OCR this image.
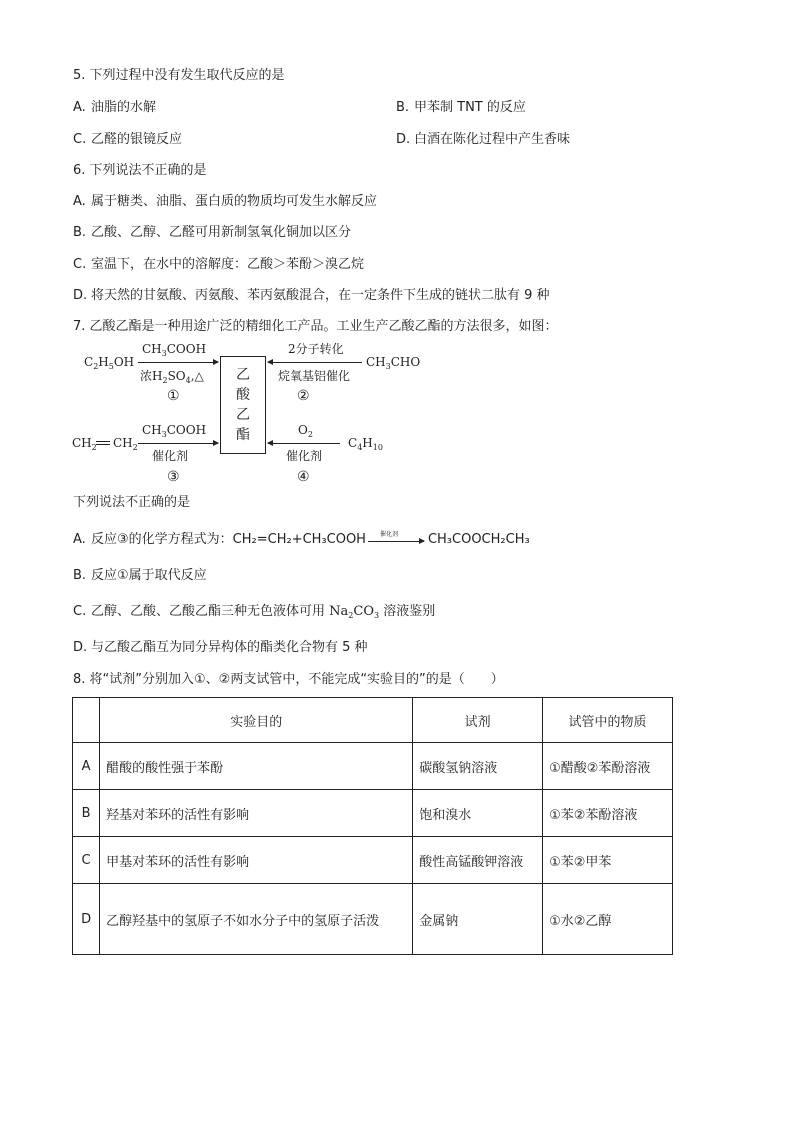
5. 下列过程中没有发生取代反应的是
A. 油脂的水解	B. 甲苯制 TNT 的反应
C. 乙醛的银镜反应	D. 白酒在陈化过程中产生香味
6. 下列说法不正确的是
A. 属于糖类、油脂、蛋白质的物质均可发生水解反应
B. 乙酸、乙醇、乙醛可用新制氢氧化铜加以区分
C. 室温下，在水中的溶解度：乙酸＞苯酚＞溴乙烷
D. 将天然的甘氨酸、丙氨酸、苯丙氨酸混合，在一定条件下生成的链状二肽有 9 种
7. 乙酸乙酯是一种用途广泛的精细化工产品。工业生产乙酸乙酯的方法很多，如图：
乙
酸
乙
酯
$C_2H_5OH$
$CH_3COOH$
浓$H_2SO_4,\triangle$
①
2分子转化
$CH_3CHO$
烷氧基铝催化
②
$CH_2$ $CH_2$
$CH_3COOH$
催化剂
③
$O_2$
$C_4H_{10}$
催化剂
④
下列说法不正确的是
A. 反应③的化学方程式为：CH₂=CH₂+CH₃COOH 催化剂 CH₃COOCH₂CH₃
B. 反应①属于取代反应
C. 乙醇、乙酸、乙酸乙酯三种无色液体可用 $Na_2CO_3$ 溶液鉴别
D. 与乙酸乙酯互为同分异构体的酯类化合物有 5 种
8. 将“试剂”分别加入①、②两支试管中，不能完成“实验目的”的是（　　）
	实验目的	试剂	试管中的物质
A	醋酸的酸性强于苯酚	碳酸氢钠溶液	①醋酸②苯酚溶液
B	羟基对苯环的活性有影响	饱和溴水	①苯②苯酚溶液
C	甲基对苯环的活性有影响	酸性高锰酸钾溶液	①苯②甲苯
D	乙醇羟基中的氢原子不如水分子中的氢原子活泼	金属钠	①水②乙醇
